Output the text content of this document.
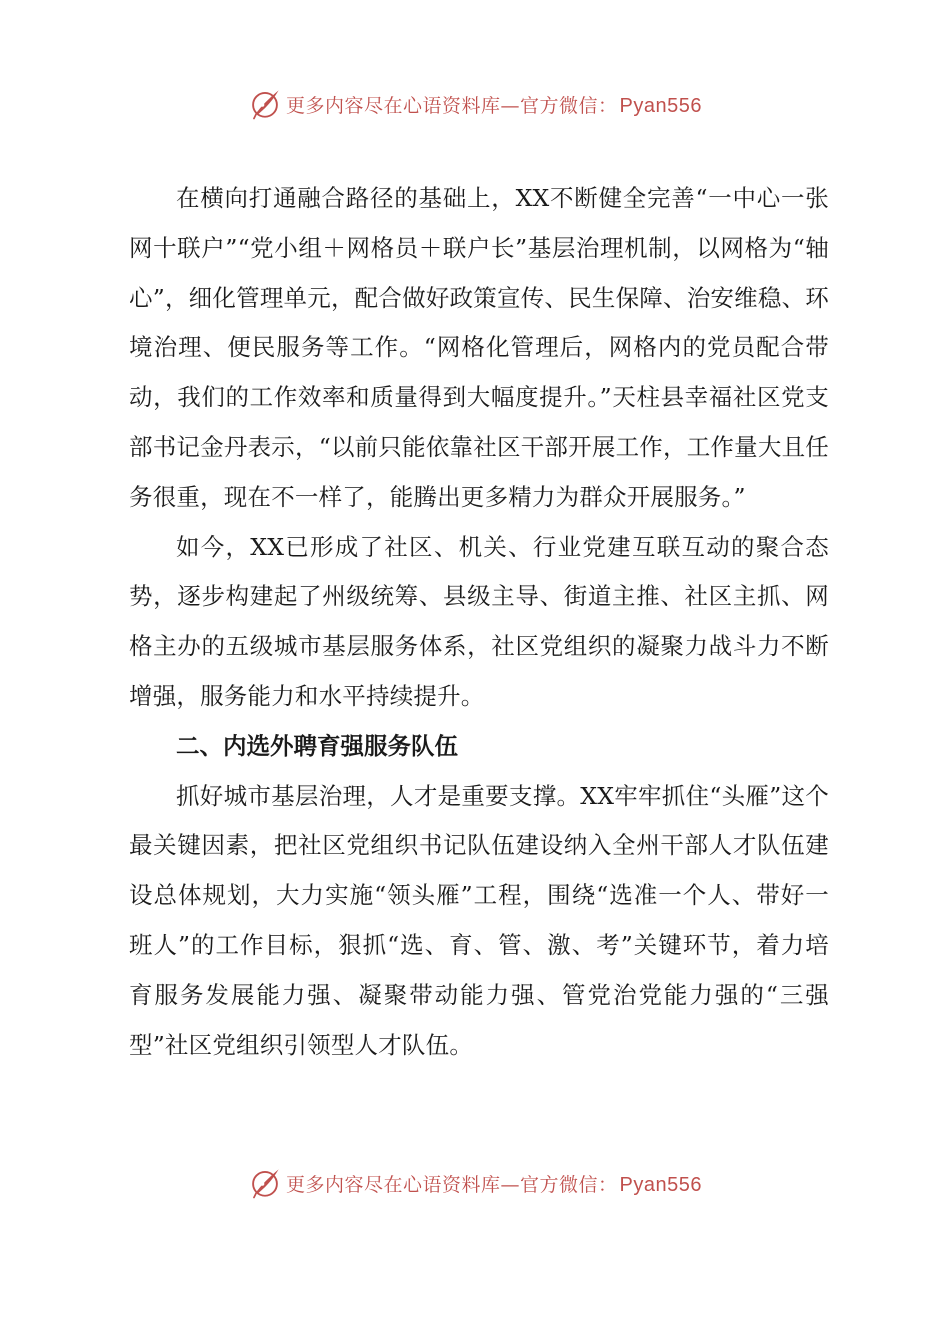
更多内容尽在心语资料库—官方微信： Pyan556

在横向打通融合路径的基础上，XX不断健全完善“一中心一张网十联户”“党小组＋网格员＋联户长”基层治理机制，以网格为“轴心”，细化管理单元，配合做好政策宣传、民生保障、治安维稳、环境治理、便民服务等工作。“网格化管理后，网格内的党员配合带动，我们的工作效率和质量得到大幅度提升。”天柱县幸福社区党支部书记金丹表示，“以前只能依靠社区干部开展工作，工作量大且任务很重，现在不一样了，能腾出更多精力为群众开展服务。”

如今，XX已形成了社区、机关、行业党建互联互动的聚合态势，逐步构建起了州级统筹、县级主导、街道主推、社区主抓、网格主办的五级城市基层服务体系，社区党组织的凝聚力战斗力不断增强，服务能力和水平持续提升。

二、内选外聘育强服务队伍

抓好城市基层治理，人才是重要支撑。XX牢牢抓住“头雁”这个最关键因素，把社区党组织书记队伍建设纳入全州干部人才队伍建设总体规划，大力实施“领头雁”工程，围绕“选准一个人、带好一班人”的工作目标，狠抓“选、育、管、激、考”关键环节，着力培育服务发展能力强、凝聚带动能力强、管党治党能力强的“三强型”社区党组织引领型人才队伍。

更多内容尽在心语资料库—官方微信： Pyan556
